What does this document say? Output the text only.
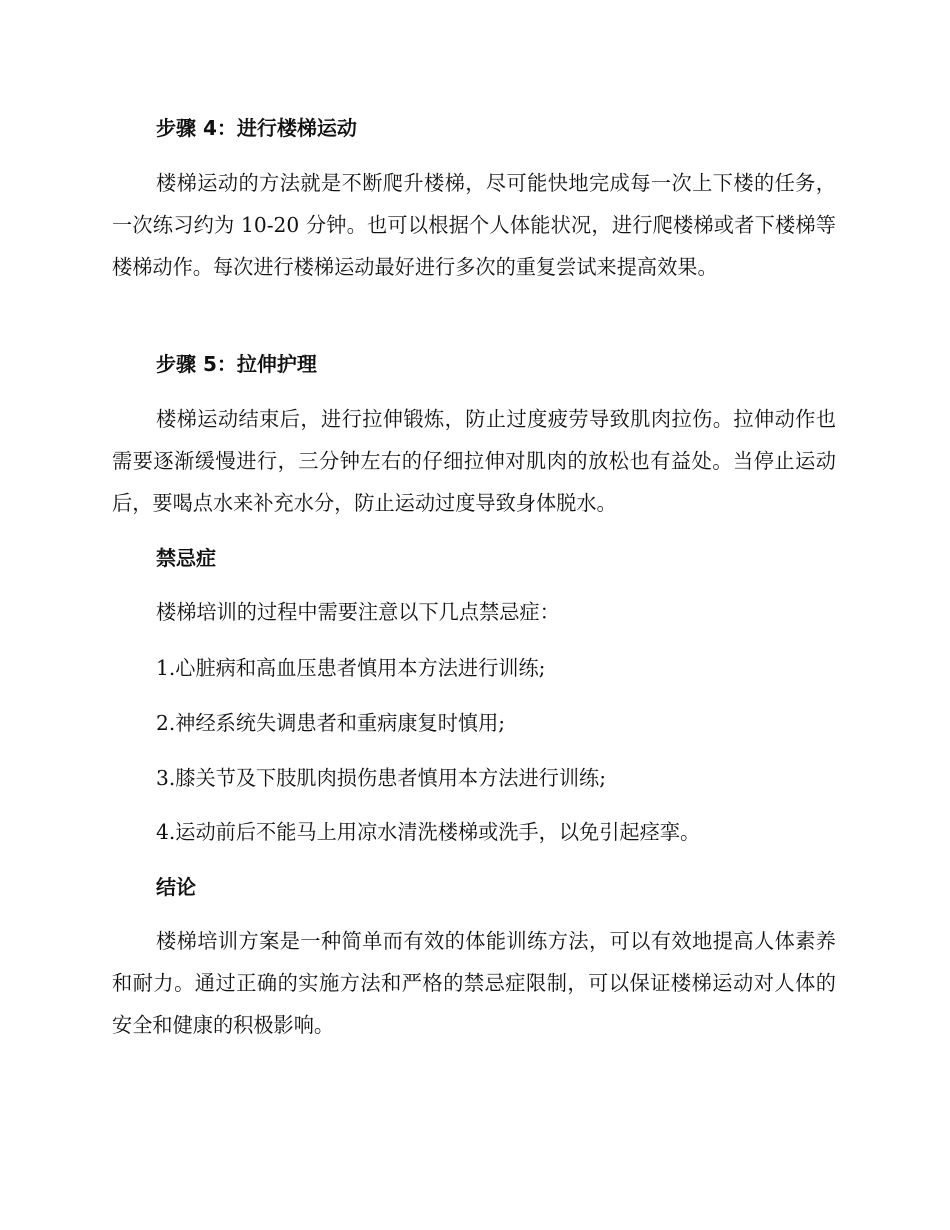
步骤 4：进行楼梯运动

楼梯运动的方法就是不断爬升楼梯，尽可能快地完成每一次上下楼的任务，一次练习约为 10-20 分钟。也可以根据个人体能状况，进行爬楼梯或者下楼梯等楼梯动作。每次进行楼梯运动最好进行多次的重复尝试来提高效果。

步骤 5：拉伸护理

楼梯运动结束后，进行拉伸锻炼，防止过度疲劳导致肌肉拉伤。拉伸动作也需要逐渐缓慢进行，三分钟左右的仔细拉伸对肌肉的放松也有益处。当停止运动后，要喝点水来补充水分，防止运动过度导致身体脱水。

禁忌症

楼梯培训的过程中需要注意以下几点禁忌症：

1.心脏病和高血压患者慎用本方法进行训练;

2.神经系统失调患者和重病康复时慎用;

3.膝关节及下肢肌肉损伤患者慎用本方法进行训练;

4.运动前后不能马上用凉水清洗楼梯或洗手，以免引起痉挛。

结论

楼梯培训方案是一种简单而有效的体能训练方法，可以有效地提高人体素养和耐力。通过正确的实施方法和严格的禁忌症限制，可以保证楼梯运动对人体的安全和健康的积极影响。
